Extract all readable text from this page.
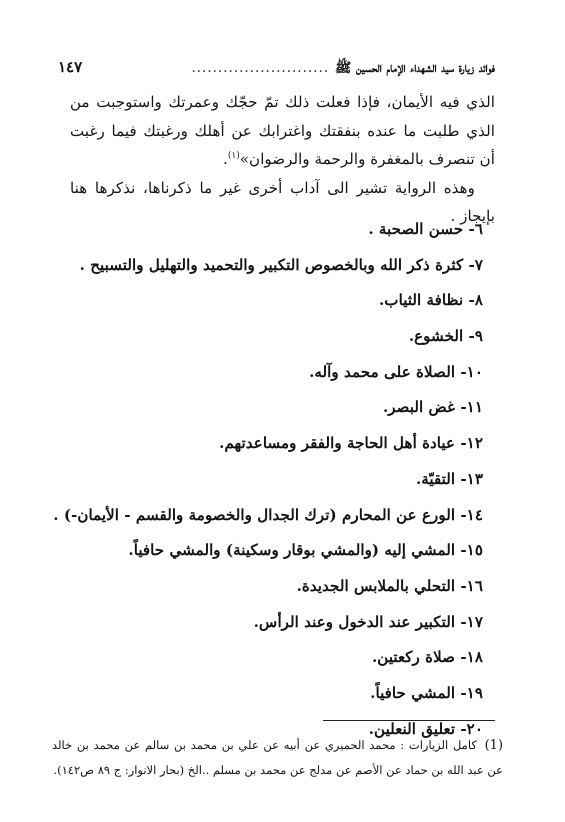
فوائد زيارة سيد الشهداء الإمام الحسين ﷺ
..........................
١٤٧

الذي فيه الأيمان، فإذا فعلت ذلك تمّ حجّك وعمرتك واستوجبت من الذي طلبت ما عنده بنفقتك واغترابك عن أهلك ورغبتك فيما رغبت أن تنصرف بالمغفرة والرحمة والرضوان»$^{(١)}$.

وهذه الرواية تشير الى آداب أخرى غير ما ذكرناها، نذكرها هنا بإيجاز .

٦- حسن الصحبة .
٧- كثرة ذكر الله وبالخصوص التكبير والتحميد والتهليل والتسبيح .
٨- نظافة الثياب.
٩- الخشوع.
١٠- الصلاة على محمد وآله.
١١- غض البصر.
١٢- عيادة أهل الحاجة والفقر ومساعدتهم.
١٣- التقيّة.
١٤- الورع عن المحارم (ترك الجدال والخصومة والقسم - الأيمان-) .
١٥- المشي إليه (والمشي بوقار وسكينة) والمشي حافياً.
١٦- التحلي بالملابس الجديدة.
١٧- التكبير عند الدخول وعند الرأس.
١٨- صلاة ركعتين.
١٩- المشي حافياً.
٢٠- تعليق النعلين.

(1) كامل الزيارات : محمد الحميري عن أبيه عن علي بن محمد بن سالم عن محمد بن خالد عن عبد الله بن حماد عن الأصم عن مدلج عن محمد بن مسلم ..الخ (بحار الانوار: ج ٨٩ ص١٤٢).
